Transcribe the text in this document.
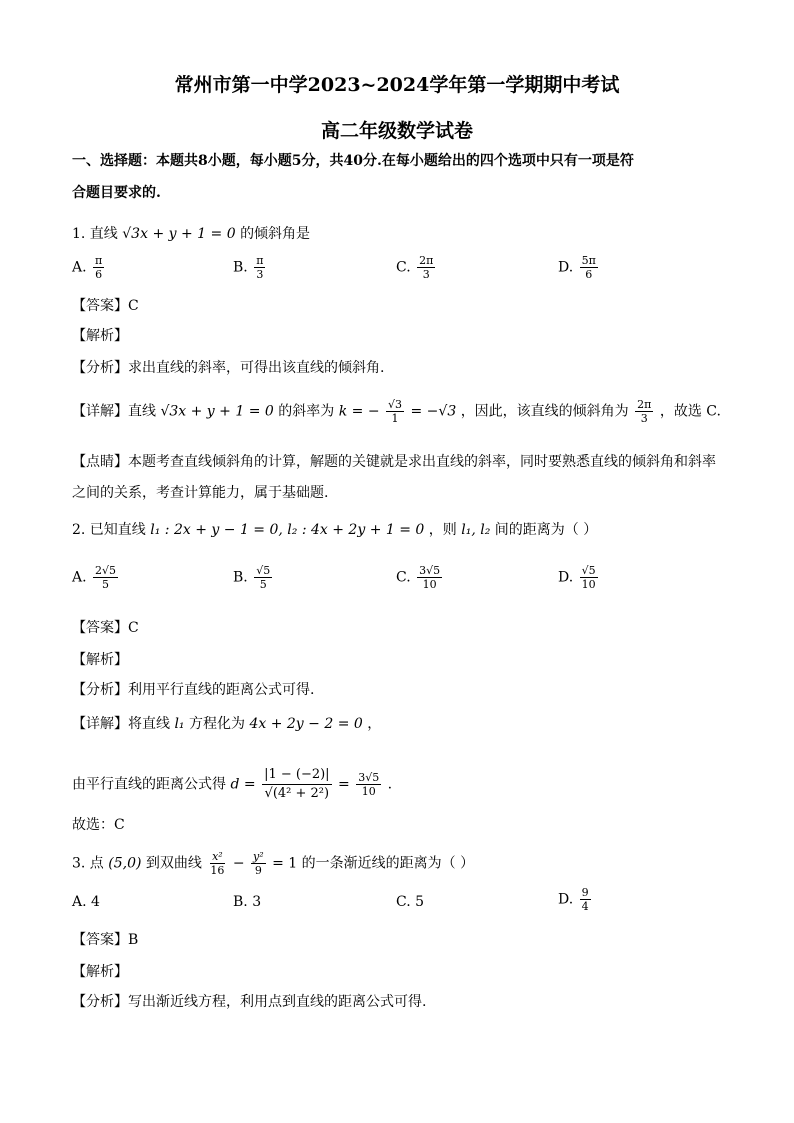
常州市第一中学2023~2024学年第一学期期中考试
高二年级数学试卷
一、选择题：本题共8小题，每小题5分，共40分.在每小题给出的四个选项中只有一项是符
合题目要求的.
1. 直线 √3x + y + 1 = 0 的倾斜角是
A. $\frac{\pi}{6}$	B. $\frac{\pi}{3}$	C. $\frac{2\pi}{3}$	D. $\frac{5\pi}{6}$
【答案】C
【解析】
【分析】求出直线的斜率，可得出该直线的倾斜角.
【详解】直线 √3x + y + 1 = 0 的斜率为 k = − $\frac{√3}{1} = -√3$ ，因此，该直线的倾斜角为 $\frac{2\pi}{3}$ ，故选 C.
【点睛】本题考查直线倾斜角的计算，解题的关键就是求出直线的斜率，同时要熟悉直线的倾斜角和斜率
之间的关系，考查计算能力，属于基础题.
2. 已知直线 l₁ : 2x + y − 1 = 0, l₂ : 4x + 2y + 1 = 0 ，则 l₁, l₂ 间的距离为（ ）
A. $\frac{2√5}{5}$	B. $\frac{√5}{5}$	C. $\frac{3√5}{10}$	D. $\frac{√5}{10}$
【答案】C
【解析】
【分析】利用平行直线的距离公式可得.
【详解】将直线 l₁ 方程化为 4x + 2y − 2 = 0 ，
由平行直线的距离公式得 $d = \frac{|1 - (-2)|}{\text{√(4² + 2²)}} = \frac{3√5}{10}$ .
故选：C
3. 点 (5,0) 到双曲线 $\frac{\text{x²}}{16} - \frac{\text{y²}}{9} = 1$ 的一条渐近线的距离为（ ）
A. 4	B. 3	C. 5	D. $\frac{9}{4}$
【答案】B
【解析】
【分析】写出渐近线方程，利用点到直线的距离公式可得.
